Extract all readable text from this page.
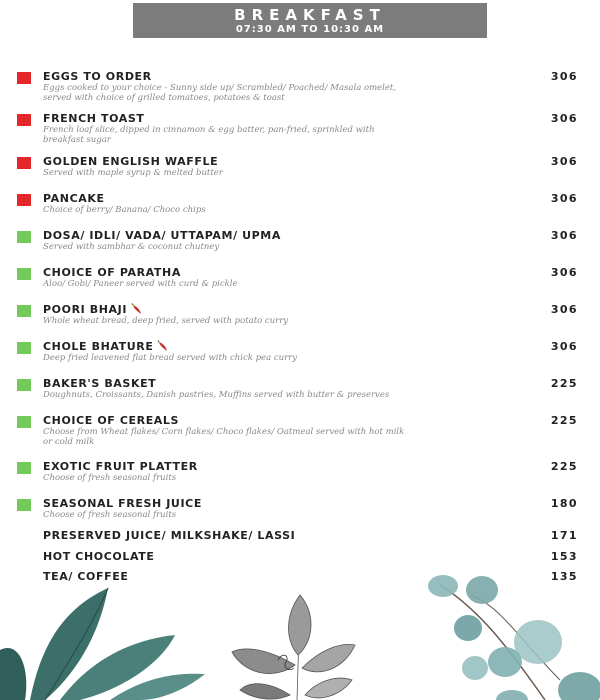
BREAKFAST
07:30 AM TO 10:30 AM
EGGS TO ORDER	306
Eggs cooked to your choice - Sunny side up/ Scrambled/ Poached/ Masala omelet, served with choice of grilled tomatoes, potatoes & toast
FRENCH TOAST	306
French loaf slice, dipped in cinnamon & egg batter, pan-fried, sprinkled with breakfast sugar
GOLDEN ENGLISH WAFFLE	306
Served with maple syrup & melted butter
PANCAKE	306
Choice of berry/ Banana/ Choco chips
DOSA/ IDLI/ VADA/ UTTAPAM/ UPMA	306
Served with sambhar & coconut chutney
CHOICE OF PARATHA	306
Aloo/ Gobi/ Paneer served with curd & pickle
POORI BHAJI	306
Whole wheat bread, deep fried, served with potato curry
CHOLE BHATURE	306
Deep fried leavened flat bread served with chick pea curry
BAKER'S BASKET	225
Doughnuts, Croissants, Danish pastries, Muffins served with butter & preserves
CHOICE OF CEREALS	225
Choose from Wheat flakes/ Corn flakes/ Choco flakes/ Oatmeal served with hot milk or cold milk
EXOTIC FRUIT PLATTER	225
Choose of fresh seasonal fruits
SEASONAL FRESH JUICE	180
Choose of fresh seasonal fruits
PRESERVED JUICE/ MILKSHAKE/ LASSI	171
HOT CHOCOLATE	153
TEA/ COFFEE	135
